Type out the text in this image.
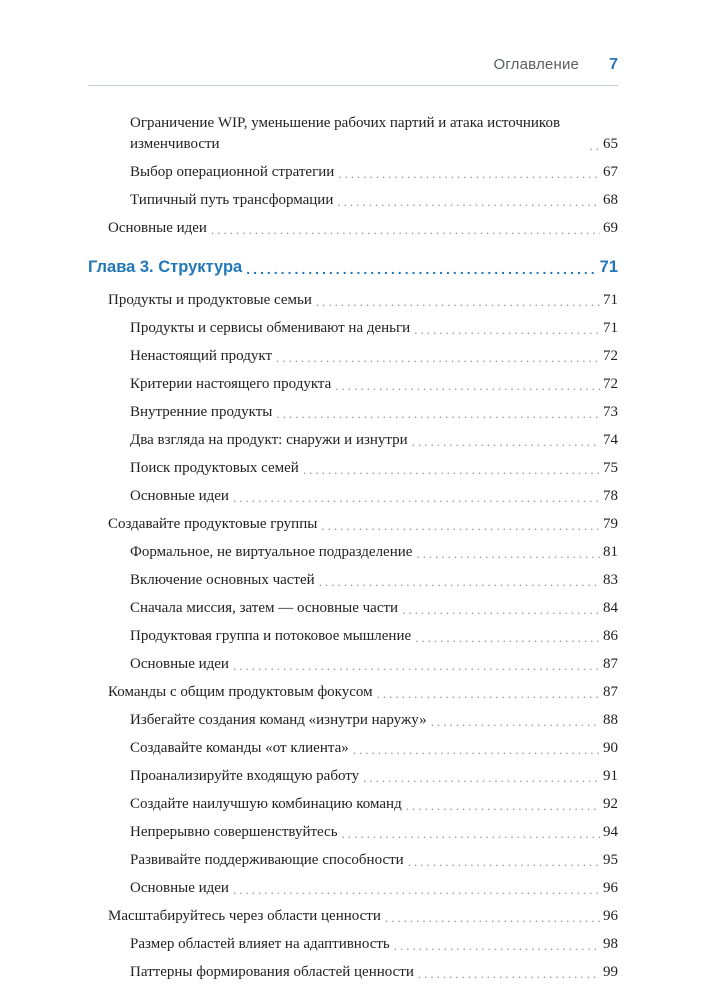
Оглавление 7
Ограничение WIP, уменьшение рабочих партий и атака источников изменчивости .....	65
Выбор операционной стратегии .....	67
Типичный путь трансформации .....	68
Основные идеи .....	69
Глава 3. Структура .....	71
Продукты и продуктовые семьи .....	71
Продукты и сервисы обменивают на деньги .....	71
Ненастоящий продукт .....	72
Критерии настоящего продукта .....	72
Внутренние продукты .....	73
Два взгляда на продукт: снаружи и изнутри .....	74
Поиск продуктовых семей .....	75
Основные идеи .....	78
Создавайте продуктовые группы .....	79
Формальное, не виртуальное подразделение .....	81
Включение основных частей .....	83
Сначала миссия, затем — основные части .....	84
Продуктовая группа и потоковое мышление .....	86
Основные идеи .....	87
Команды с общим продуктовым фокусом .....	87
Избегайте создания команд «изнутри наружу» .....	88
Создавайте команды «от клиента» .....	90
Проанализируйте входящую работу .....	91
Создайте наилучшую комбинацию команд .....	92
Непрерывно совершенствуйтесь .....	94
Развивайте поддерживающие способности .....	95
Основные идеи .....	96
Масштабируйтесь через области ценности .....	96
Размер областей влияет на адаптивность .....	98
Паттерны формирования областей ценности .....	99
